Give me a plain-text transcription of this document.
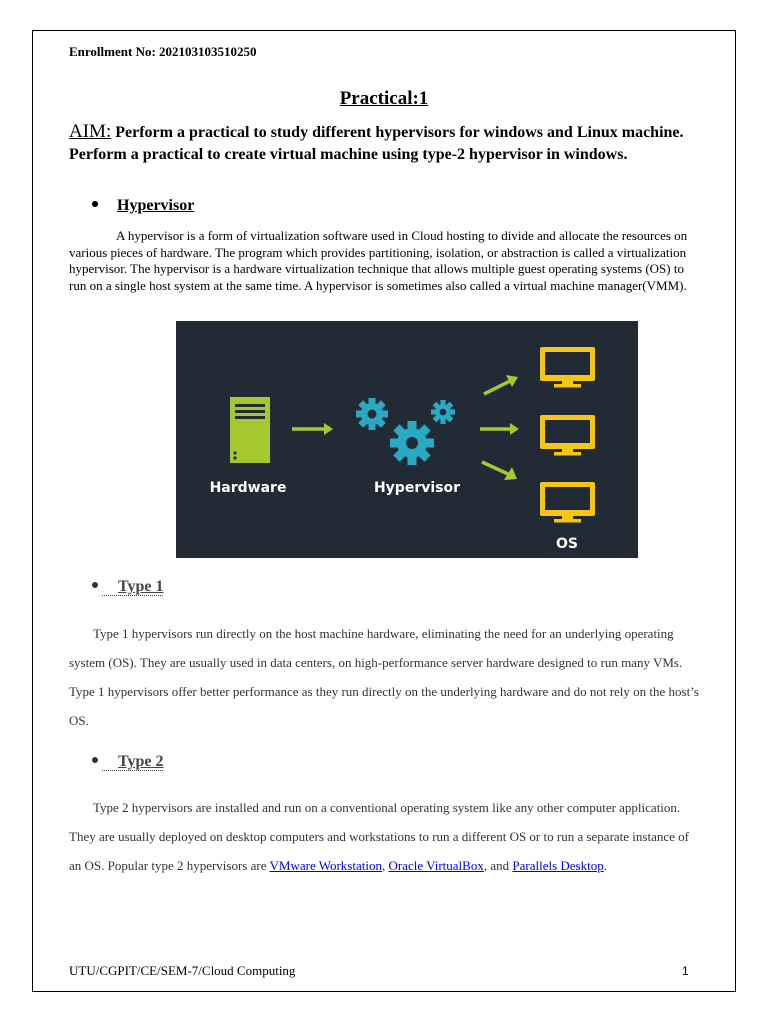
Enrollment No: 202103103510250
Practical:1
AIM: Perform a practical to study different hypervisors for windows and Linux machine. Perform a practical to create virtual machine using type-2 hypervisor in windows.
Hypervisor
A hypervisor is a form of virtualization software used in Cloud hosting to divide and allocate the resources on various pieces of hardware. The program which provides partitioning, isolation, or abstraction is called a virtualization hypervisor. The hypervisor is a hardware virtualization technique that allows multiple guest operating systems (OS) to run on a single host system at the same time. A hypervisor is sometimes also called a virtual machine manager(VMM).
Hardware	Hypervisor
OS
Type 1
Type 1 hypervisors run directly on the host machine hardware, eliminating the need for an underlying operating system (OS). They are usually used in data centers, on high-performance server hardware designed to run many VMs. Type 1 hypervisors offer better performance as they run directly on the underlying hardware and do not rely on the host’s OS.
Type 2
Type 2 hypervisors are installed and run on a conventional operating system like any other computer application. They are usually deployed on desktop computers and workstations to run a different OS or to run a separate instance of an OS. Popular type 2 hypervisors are VMware Workstation, Oracle VirtualBox, and Parallels Desktop.
UTU/CGPIT/CE/SEM-7/Cloud Computing	1
